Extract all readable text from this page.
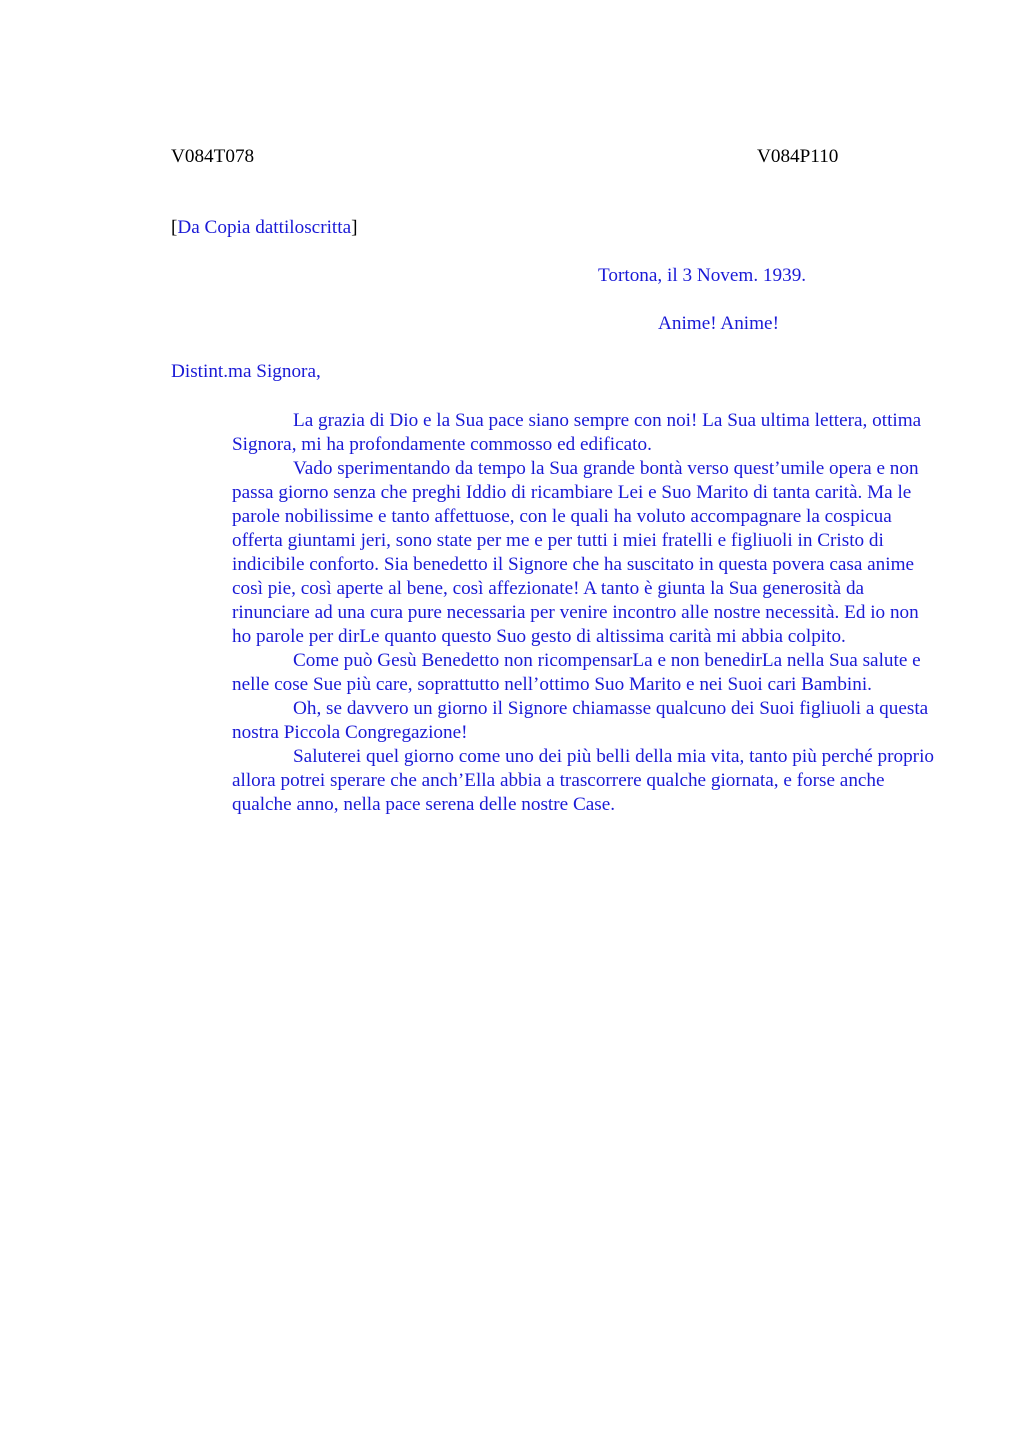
V084T078	V084P110
[Da Copia dattiloscritta]
Tortona, il 3 Novem. 1939.
Anime! Anime!
Distint.ma Signora,
La grazia di Dio e la Sua pace siano sempre con noi! La Sua ultima lettera, ottima
Signora, mi ha profondamente commosso ed edificato.
Vado sperimentando da tempo la Sua grande bontà verso quest’umile opera e non
passa giorno senza che preghi Iddio di ricambiare Lei e Suo Marito di tanta carità. Ma le
parole nobilissime e tanto affettuose, con le quali ha voluto accompagnare la cospicua
offerta giuntami jeri, sono state per me e per tutti i miei fratelli e figliuoli in Cristo di
indicibile conforto. Sia benedetto il Signore che ha suscitato in questa povera casa anime
così pie, così aperte al bene, così affezionate! A tanto è giunta la Sua generosità da
rinunciare ad una cura pure necessaria per venire incontro alle nostre necessità. Ed io non
ho parole per dirLe quanto questo Suo gesto di altissima carità mi abbia colpito.
Come può Gesù Benedetto non ricompensarLa e non benedirLa nella Sua salute e
nelle cose Sue più care, soprattutto nell’ottimo Suo Marito e nei Suoi cari Bambini.
Oh, se davvero un giorno il Signore chiamasse qualcuno dei Suoi figliuoli a questa
nostra Piccola Congregazione!
Saluterei quel giorno come uno dei più belli della mia vita, tanto più perché proprio
allora potrei sperare che anch’Ella abbia a trascorrere qualche giornata, e forse anche
qualche anno, nella pace serena delle nostre Case.
